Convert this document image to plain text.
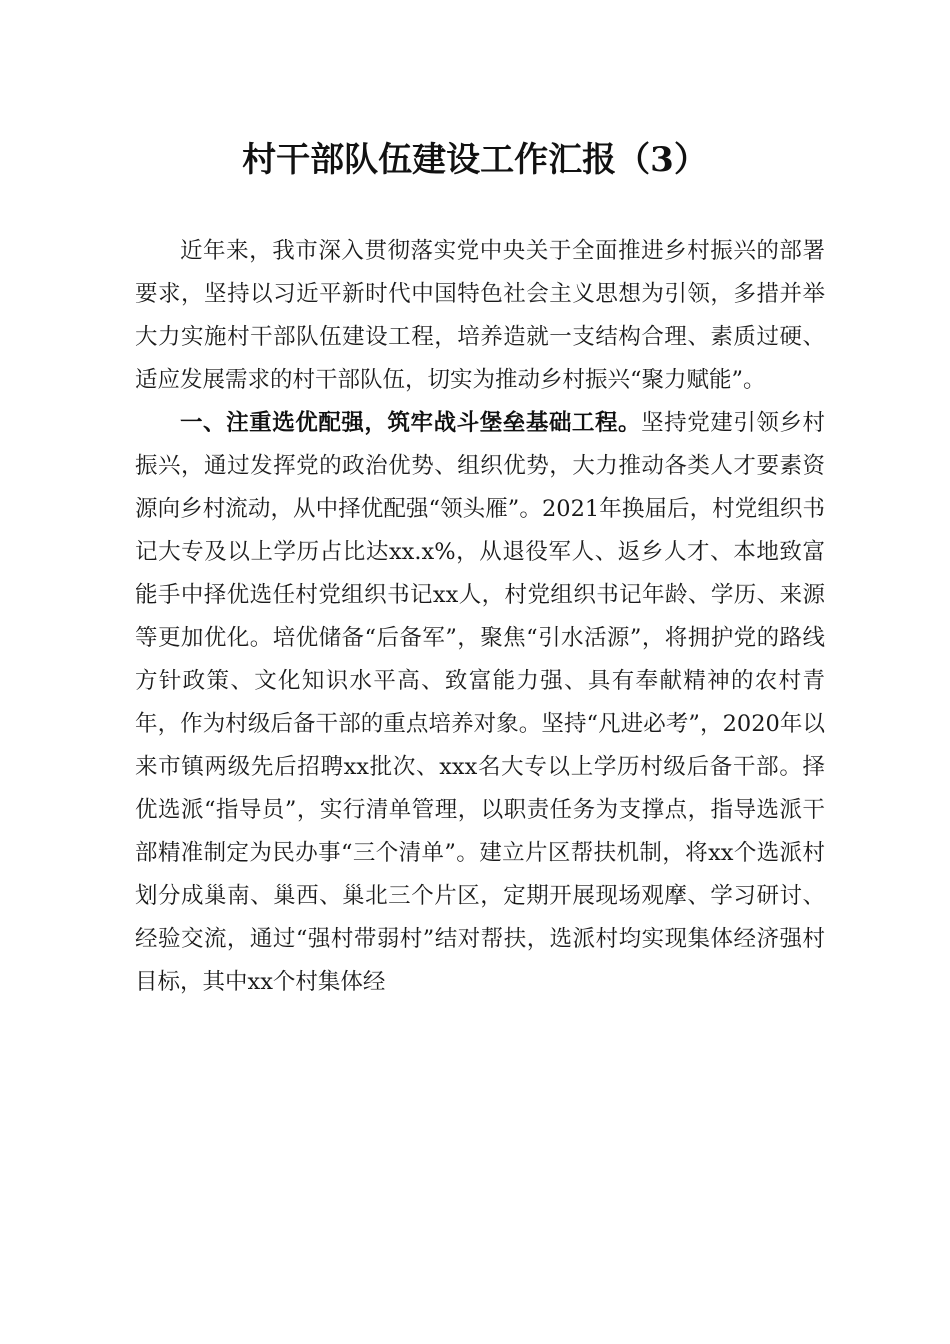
村干部队伍建设工作汇报（3）

近年来，我市深入贯彻落实党中央关于全面推进乡村振兴的部署要求，坚持以习近平新时代中国特色社会主义思想为引领，多措并举大力实施村干部队伍建设工程，培养造就一支结构合理、素质过硬、适应发展需求的村干部队伍，切实为推动乡村振兴“聚力赋能”。

一、注重选优配强，筑牢战斗堡垒基础工程。坚持党建引领乡村振兴，通过发挥党的政治优势、组织优势，大力推动各类人才要素资源向乡村流动，从中择优配强“领头雁”。2021年换届后，村党组织书记大专及以上学历占比达xx.x%，从退役军人、返乡人才、本地致富能手中择优选任村党组织书记xx人，村党组织书记年龄、学历、来源等更加优化。培优储备“后备军”，聚焦“引水活源”，将拥护党的路线方针政策、文化知识水平高、致富能力强、具有奉献精神的农村青年，作为村级后备干部的重点培养对象。坚持“凡进必考”，2020年以来市镇两级先后招聘xx批次、xxx名大专以上学历村级后备干部。择优选派“指导员”，实行清单管理，以职责任务为支撑点，指导选派干部精准制定为民办事“三个清单”。建立片区帮扶机制，将xx个选派村划分成巢南、巢西、巢北三个片区，定期开展现场观摩、学习研讨、经验交流，通过“强村带弱村”结对帮扶，选派村均实现集体经济强村目标，其中xx个村集体经
